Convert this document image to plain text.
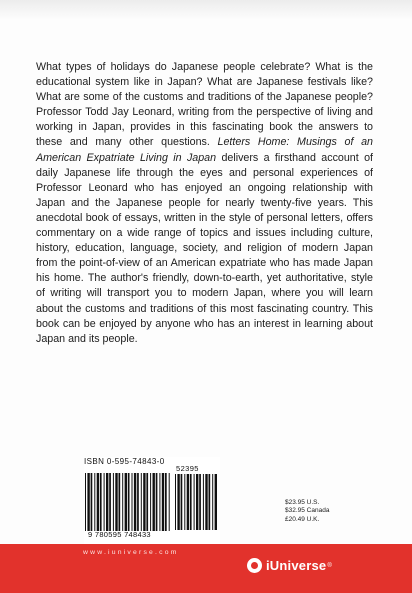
What types of holidays do Japanese people celebrate? What is the educational system like in Japan? What are Japanese festivals like? What are some of the customs and traditions of the Japanese people? Professor Todd Jay Leonard, writing from the perspective of living and working in Japan, provides in this fascinating book the answers to these and many other questions. Letters Home: Musings of an American Expatriate Living in Japan delivers a firsthand account of daily Japanese life through the eyes and personal experiences of Professor Leonard who has enjoyed an ongoing relationship with Japan and the Japanese people for nearly twenty-five years. This anecdotal book of essays, written in the style of personal letters, offers commentary on a wide range of topics and issues including culture, history, education, language, society, and religion of modern Japan from the point-of-view of an American expatriate who has made Japan his home. The author's friendly, down-to-earth, yet authoritative, style of writing will transport you to modern Japan, where you will learn about the customs and traditions of this most fascinating country. This book can be enjoyed by anyone who has an interest in learning about Japan and its people.

ISBN 0-595-74843-0
9 780595 748433
52395
$23.95 U.S.
$32.95 Canada
£20.49 U.K.
www.iuniverse.com
iUniverse ®
